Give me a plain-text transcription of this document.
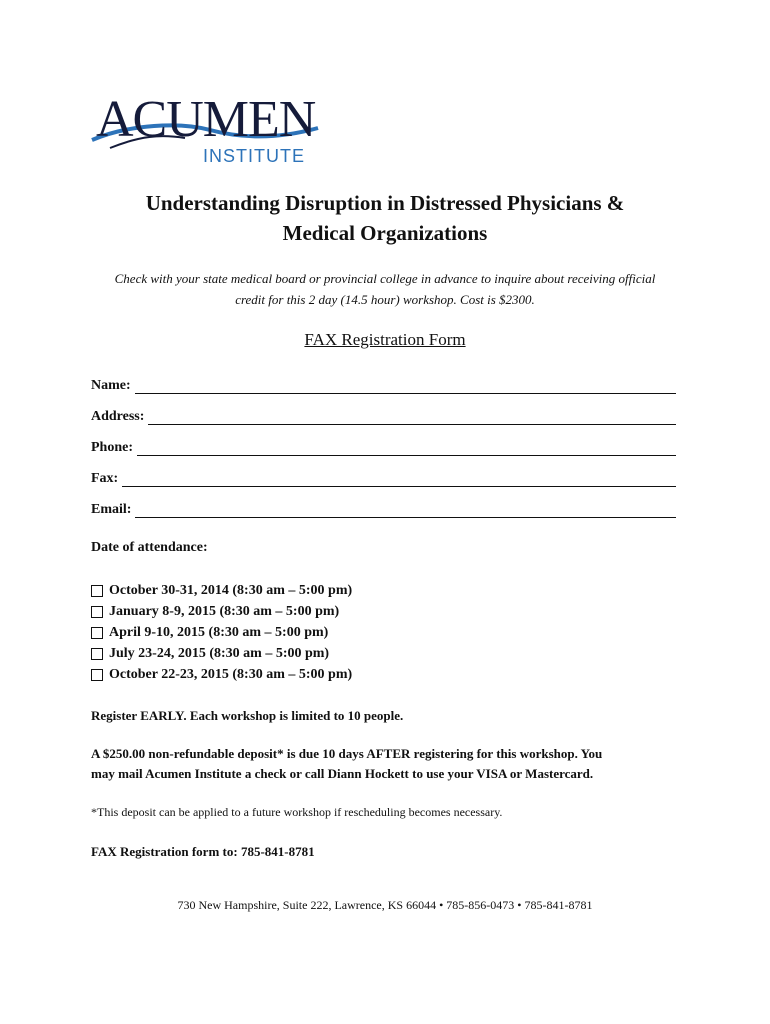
ACUMEN
INSTITUTE
Understanding Disruption in Distressed Physicians &
Medical Organizations

Check with your state medical board or provincial college in advance to inquire about receiving official
credit for this 2 day (14.5 hour) workshop. Cost is $2300.

FAX Registration Form

Name:
Address:
Phone:
Fax:
Email:

Date of attendance:

October 30-31, 2014 (8:30 am – 5:00 pm)
January 8-9, 2015 (8:30 am – 5:00 pm)
April 9-10, 2015 (8:30 am – 5:00 pm)
July 23-24, 2015 (8:30 am – 5:00 pm)
October 22-23, 2015 (8:30 am – 5:00 pm)

Register EARLY. Each workshop is limited to 10 people.

A $250.00 non-refundable deposit* is due 10 days AFTER registering for this workshop. You
may mail Acumen Institute a check or call Diann Hockett to use your VISA or Mastercard.

*This deposit can be applied to a future workshop if rescheduling becomes necessary.

FAX Registration form to: 785-841-8781

730 New Hampshire, Suite 222, Lawrence, KS 66044 • 785-856-0473 • 785-841-8781
